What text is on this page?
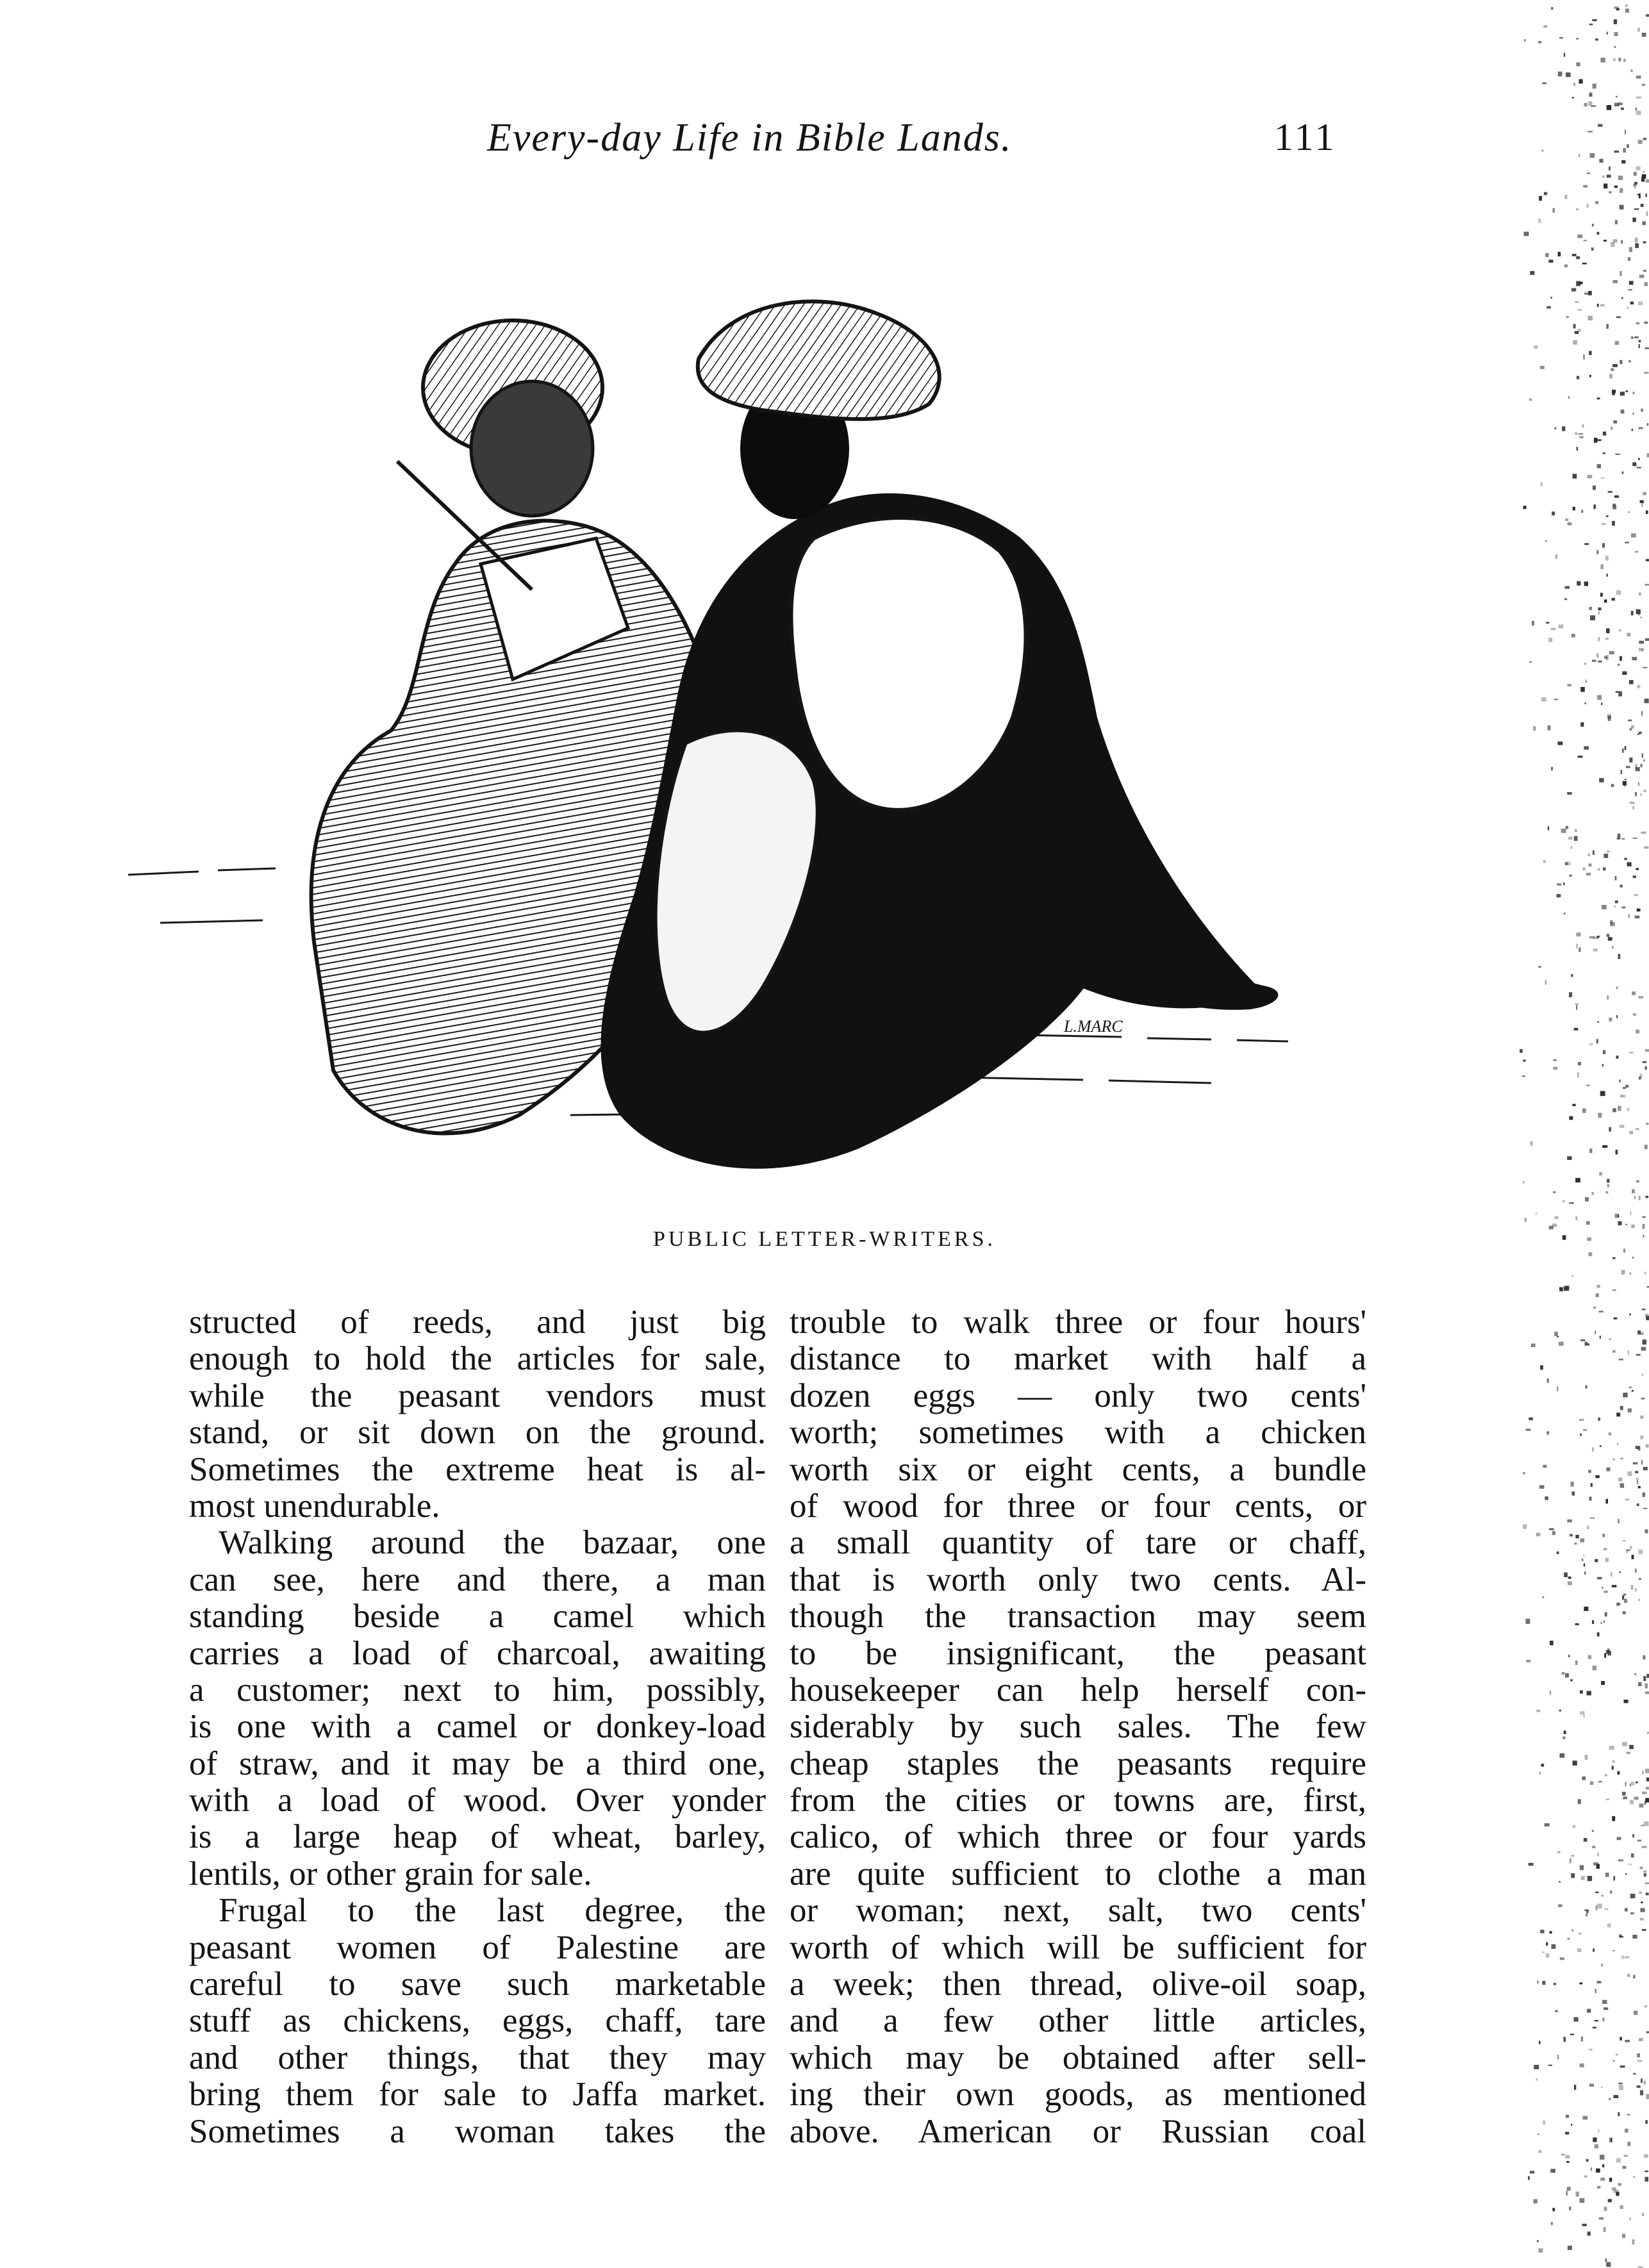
Every-day Life in Bible Lands.	111
L.MARC
PUBLIC LETTER-WRITERS.
structed of reeds, and just big
enough to hold the articles for sale,
while the peasant vendors must
stand, or sit down on the ground.
Sometimes the extreme heat is al-
most unendurable.
Walking around the bazaar, one
can see, here and there, a man
standing beside a camel which
carries a load of charcoal, awaiting
a customer; next to him, possibly,
is one with a camel or donkey-load
of straw, and it may be a third one,
with a load of wood. Over yonder
is a large heap of wheat, barley,
lentils, or other grain for sale.
Frugal to the last degree, the
peasant women of Palestine are
careful to save such marketable
stuff as chickens, eggs, chaff, tare
and other things, that they may
bring them for sale to Jaffa market.
Sometimes a woman takes the
trouble to walk three or four hours'
distance to market with half a
dozen eggs — only two cents'
worth; sometimes with a chicken
worth six or eight cents, a bundle
of wood for three or four cents, or
a small quantity of tare or chaff,
that is worth only two cents. Al-
though the transaction may seem
to be insignificant, the peasant
housekeeper can help herself con-
siderably by such sales. The few
cheap staples the peasants require
from the cities or towns are, first,
calico, of which three or four yards
are quite sufficient to clothe a man
or woman; next, salt, two cents'
worth of which will be sufficient for
a week; then thread, olive-oil soap,
and a few other little articles,
which may be obtained after sell-
ing their own goods, as mentioned
above. American or Russian coal
